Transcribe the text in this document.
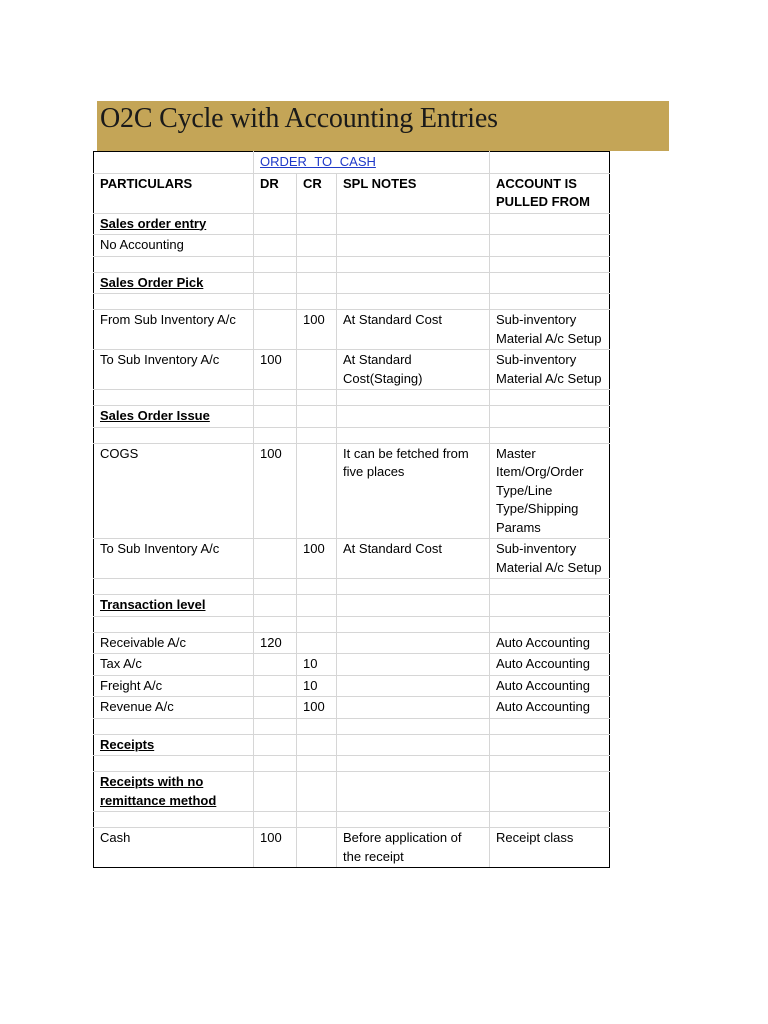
O2C Cycle with Accounting Entries
	ORDER TO CASH			
PARTICULARS	DR	CR	SPL NOTES	ACCOUNT IS PULLED FROM
Sales order entry				
No Accounting				

Sales Order Pick				

From Sub Inventory A/c		100	At Standard Cost	Sub-inventory Material A/c Setup
To Sub Inventory A/c	100		At Standard Cost(Staging)	Sub-inventory Material A/c Setup

Sales Order Issue				

COGS	100		It can be fetched from five places	Master Item/Org/Order Type/Line Type/Shipping Params
To Sub Inventory A/c		100	At Standard Cost	Sub-inventory Material A/c Setup

Transaction level				

Receivable A/c	120			Auto Accounting
Tax A/c		10		Auto Accounting
Freight A/c		10		Auto Accounting
Revenue A/c		100		Auto Accounting

Receipts				

Receipts with no remittance method				

Cash	100		Before application of the receipt	Receipt class
